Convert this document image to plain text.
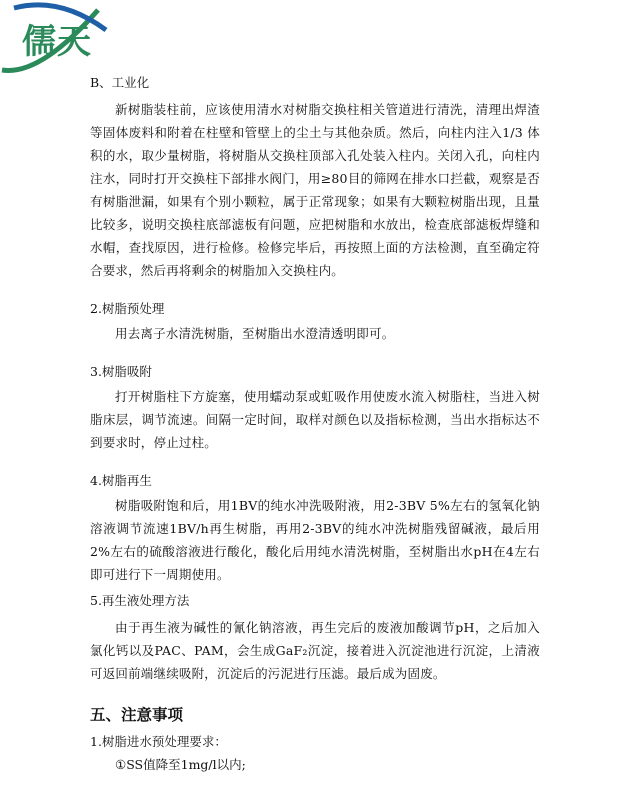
儒天

B、工业化

新树脂装柱前，应该使用清水对树脂交换柱相关管道进行清洗，清理出焊渣等固体废料和附着在柱壁和管壁上的尘土与其他杂质。然后，向柱内注入1/3 体积的水，取少量树脂，将树脂从交换柱顶部入孔处装入柱内。关闭入孔，向柱内注水，同时打开交换柱下部排水阀门，用≥80目的筛网在排水口拦截，观察是否有树脂泄漏，如果有个别小颗粒，属于正常现象；如果有大颗粒树脂出现，且量比较多，说明交换柱底部滤板有问题，应把树脂和水放出，检查底部滤板焊缝和水帽，查找原因，进行检修。检修完毕后，再按照上面的方法检测，直至确定符合要求，然后再将剩余的树脂加入交换柱内。

2.树脂预处理

用去离子水清洗树脂，至树脂出水澄清透明即可。

3.树脂吸附

打开树脂柱下方旋塞，使用蠕动泵或虹吸作用使废水流入树脂柱，当进入树脂床层，调节流速。间隔一定时间，取样对颜色以及指标检测，当出水指标达不到要求时，停止过柱。

4.树脂再生

树脂吸附饱和后，用1BV的纯水冲洗吸附液，用2-3BV 5%左右的氢氧化钠溶液调节流速1BV/h再生树脂，再用2-3BV的纯水冲洗树脂残留碱液，最后用2%左右的硫酸溶液进行酸化，酸化后用纯水清洗树脂，至树脂出水pH在4左右即可进行下一周期使用。

5.再生液处理方法

由于再生液为碱性的氰化钠溶液，再生完后的废液加酸调节pH，之后加入氯化钙以及PAC、PAM，会生成GaF₂沉淀，接着进入沉淀池进行沉淀，上清液可返回前端继续吸附，沉淀后的污泥进行压滤。最后成为固废。

五、注意事项

1.树脂进水预处理要求：

①SS值降至1mg/l以内;
